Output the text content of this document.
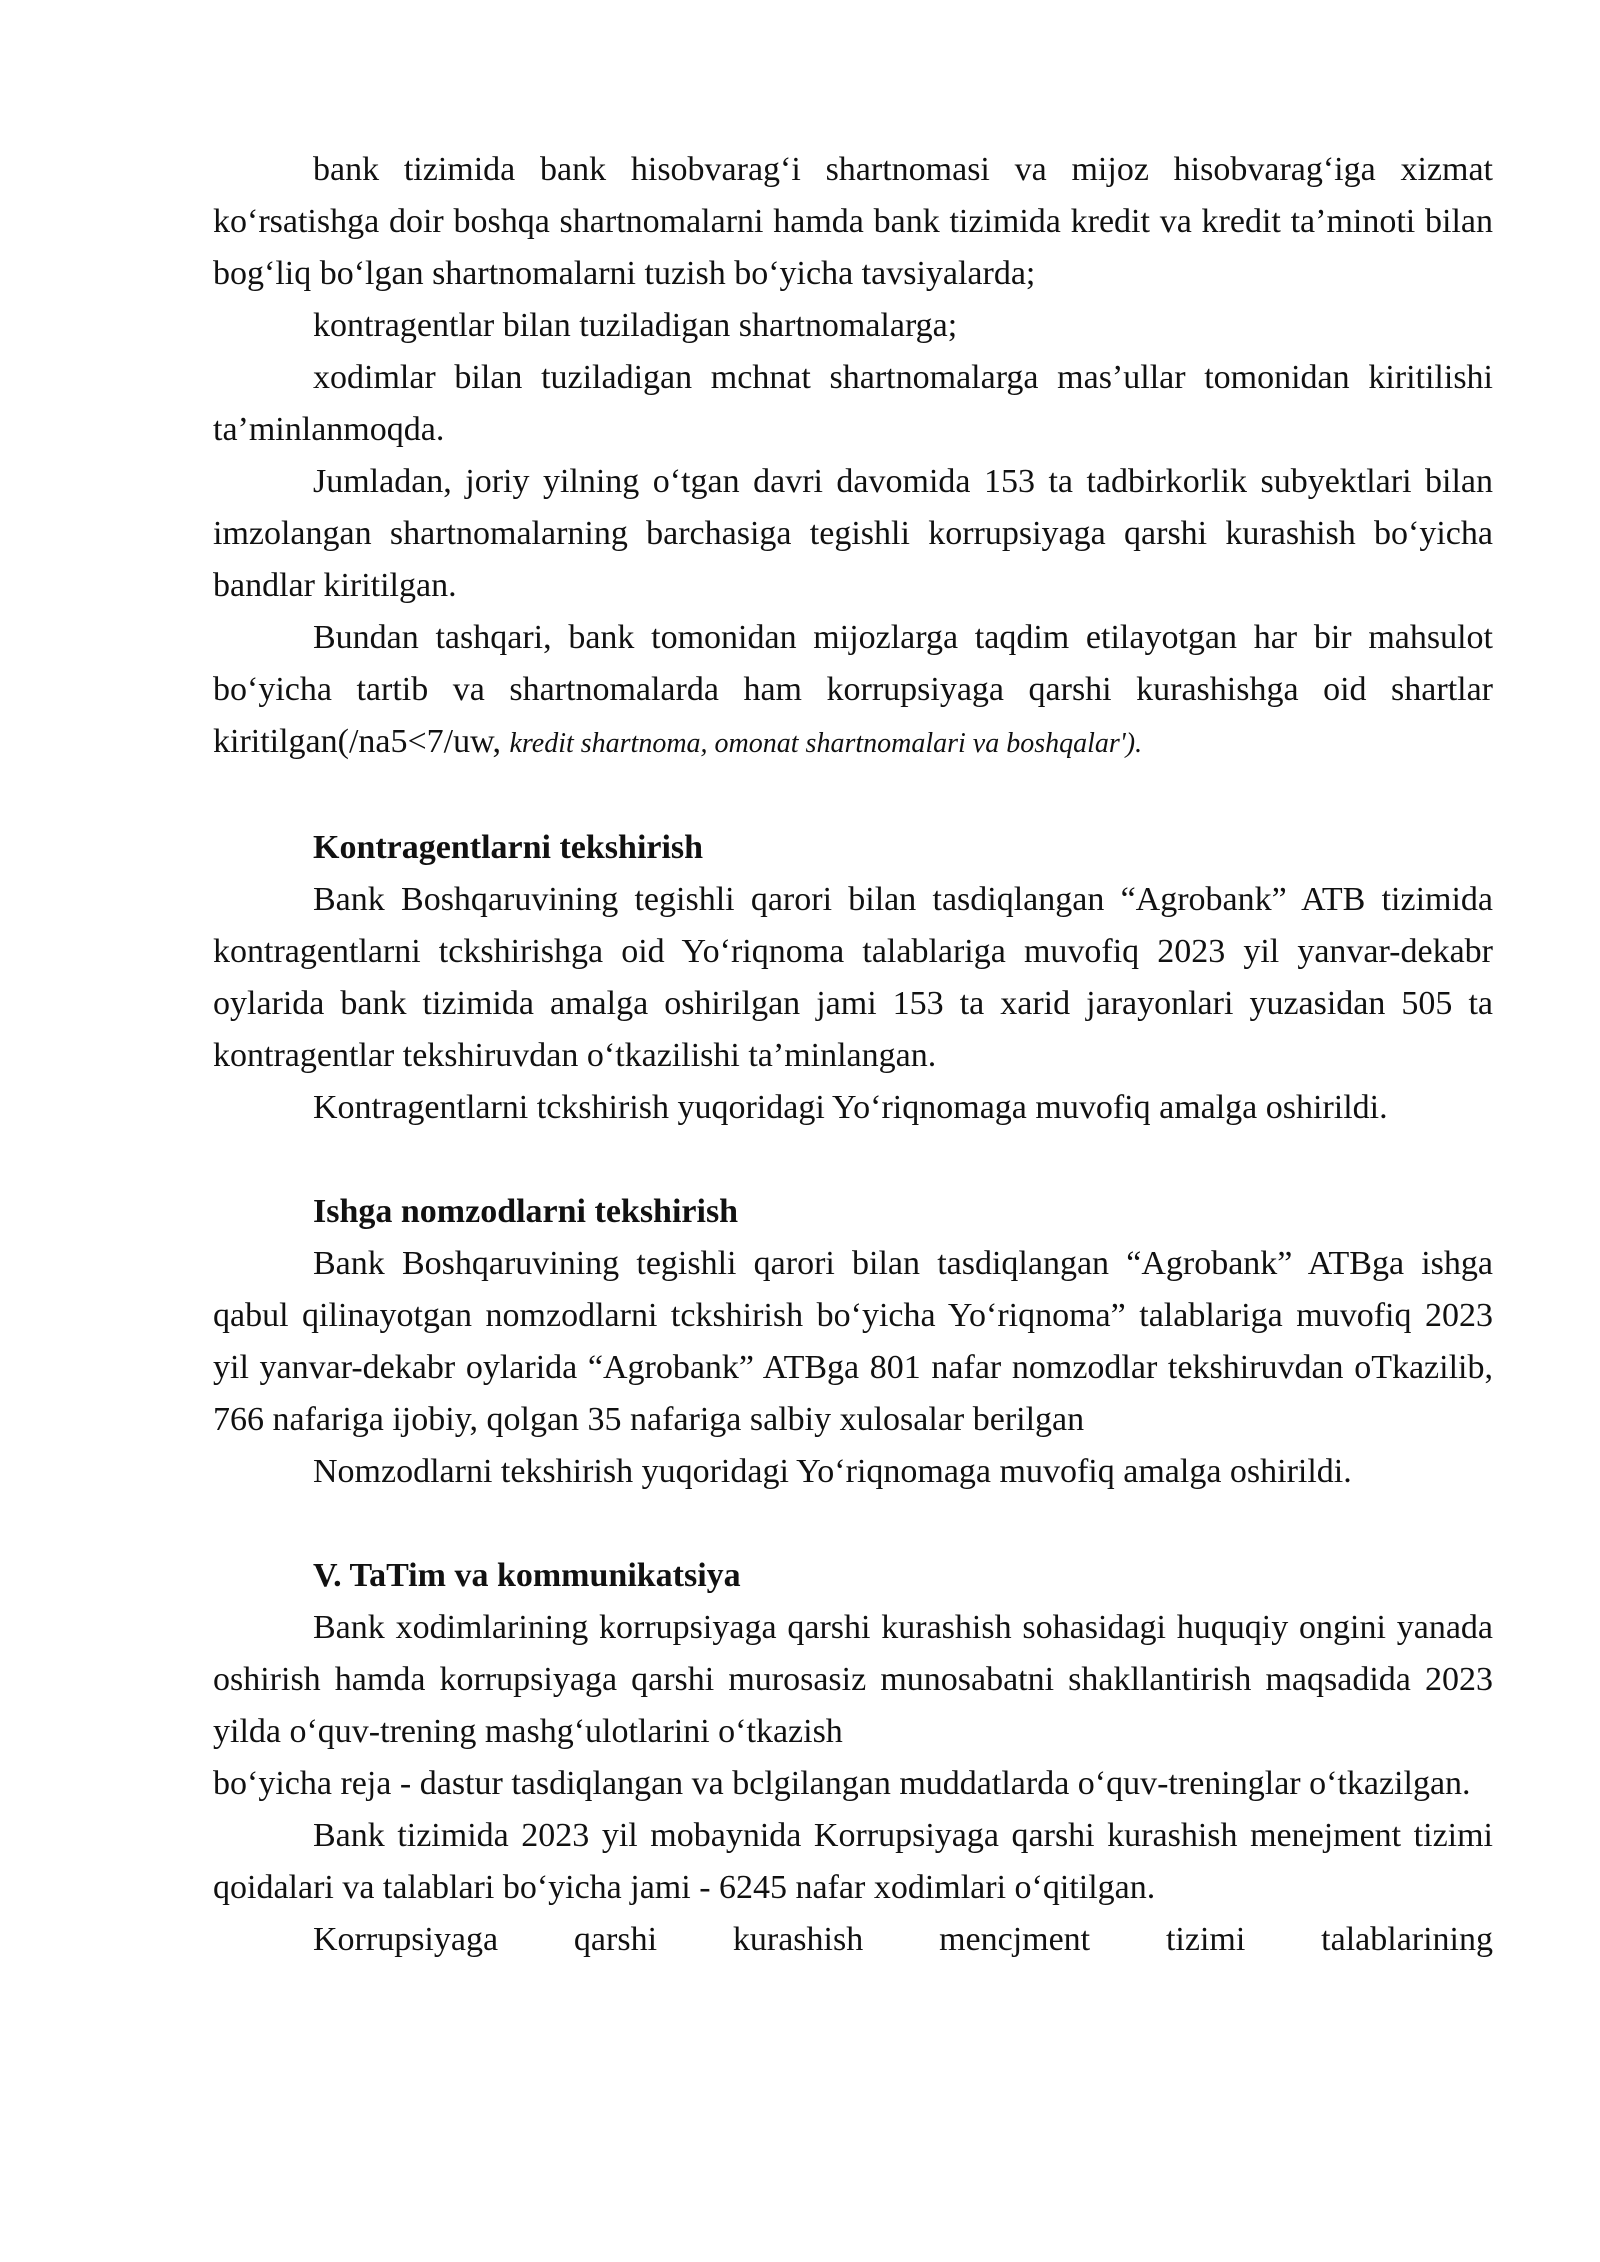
bank tizimida bank hisobvarag‘i shartnomasi va mijoz hisobvarag‘iga xizmat ko‘rsatishga doir boshqa shartnomalarni hamda bank tizimida kredit va kredit ta’minoti bilan bog‘liq bo‘lgan shartnomalarni tuzish bo‘yicha tavsiyalarda;

kontragentlar bilan tuziladigan shartnomalarga;

xodimlar bilan tuziladigan mchnat shartnomalarga mas’ullar tomonidan kiritilishi ta’minlanmoqda.

Jumladan, joriy yilning o‘tgan davri davomida 153 ta tadbirkorlik subyektlari bilan imzolangan shartnomalarning barchasiga tegishli korrupsiyaga qarshi kurashish bo‘yicha bandlar kiritilgan.

Bundan tashqari, bank tomonidan mijozlarga taqdim etilayotgan har bir mahsulot bo‘yicha tartib va shartnomalarda ham korrupsiyaga qarshi kurashishga oid shartlar kiritilgan(/na5<7/uw, kredit shartnoma, omonat shartnomalari va boshqalar').

Kontragentlarni tekshirish

Bank Boshqaruvining tegishli qarori bilan tasdiqlangan “Agrobank” ATB tizimida kontragentlarni tckshirishga oid Yo‘riqnoma talablariga muvofiq 2023 yil yanvar-dekabr oylarida bank tizimida amalga oshirilgan jami 153 ta xarid jarayonlari yuzasidan 505 ta kontragentlar tekshiruvdan o‘tkazilishi ta’minlangan.

Kontragentlarni tckshirish yuqoridagi Yo‘riqnomaga muvofiq amalga oshirildi.

Ishga nomzodlarni tekshirish

Bank Boshqaruvining tegishli qarori bilan tasdiqlangan “Agrobank” ATBga ishga qabul qilinayotgan nomzodlarni tckshirish bo‘yicha Yo‘riqnoma” talablariga muvofiq 2023 yil yanvar-dekabr oylarida “Agrobank” ATBga 801 nafar nomzodlar tekshiruvdan oTkazilib, 766 nafariga ijobiy, qolgan 35 nafariga salbiy xulosalar berilgan

Nomzodlarni tekshirish yuqoridagi Yo‘riqnomaga muvofiq amalga oshirildi.

V. TaTim va kommunikatsiya

Bank xodimlarining korrupsiyaga qarshi kurashish sohasidagi huquqiy ongini yanada oshirish hamda korrupsiyaga qarshi murosasiz munosabatni shakllantirish maqsadida 2023 yilda o‘quv-trening mashg‘ulotlarini o‘tkazish

bo‘yicha reja - dastur tasdiqlangan va bclgilangan muddatlarda o‘quv-treninglar o‘tkazilgan.

Bank tizimida 2023 yil mobaynida Korrupsiyaga qarshi kurashish menejment tizimi qoidalari va talablari bo‘yicha jami - 6245 nafar xodimlari o‘qitilgan.

Korrupsiyaga qarshi kurashish mencjment tizimi talablarining
